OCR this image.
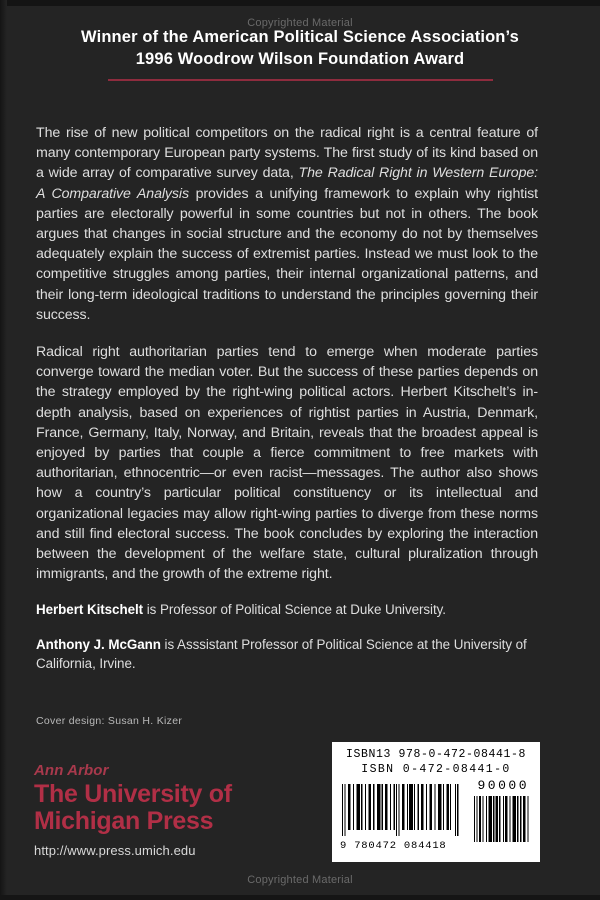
Copyrighted Material
Winner of the American Political Science Association’s
1996 Woodrow Wilson Foundation Award

The rise of new political competitors on the radical right is a central feature of many contemporary European party systems. The first study of its kind based on a wide array of comparative survey data, The Radical Right in Western Europe: A Comparative Analysis provides a unifying framework to explain why rightist parties are electorally powerful in some countries but not in others. The book argues that changes in social structure and the economy do not by themselves adequately explain the success of extremist parties. Instead we must look to the competitive struggles among parties, their internal organizational patterns, and their long-term ideological traditions to understand the principles governing their success.

Radical right authoritarian parties tend to emerge when moderate parties converge toward the median voter. But the success of these parties depends on the strategy employed by the right-wing political actors. Herbert Kitschelt’s in-depth analysis, based on experiences of rightist parties in Austria, Denmark, France, Germany, Italy, Norway, and Britain, reveals that the broadest appeal is enjoyed by parties that couple a fierce commitment to free markets with authoritarian, ethnocentric—or even racist—messages. The author also shows how a country’s particular political constituency or its intellectual and organizational legacies may allow right-wing parties to diverge from these norms and still find electoral success. The book concludes by exploring the interaction between the development of the welfare state, cultural pluralization through immigrants, and the growth of the extreme right.

Herbert Kitschelt is Professor of Political Science at Duke University.
Anthony J. McGann is Asssistant Professor of Political Science at the University of California, Irvine.
Cover design: Susan H. Kizer
Ann Arbor
The University of
Michigan Press
http://www.press.umich.edu
ISBN13 978-0-472-08441-8
ISBN 0-472-08441-0
90000
9 780472 084418
Copyrighted Material
